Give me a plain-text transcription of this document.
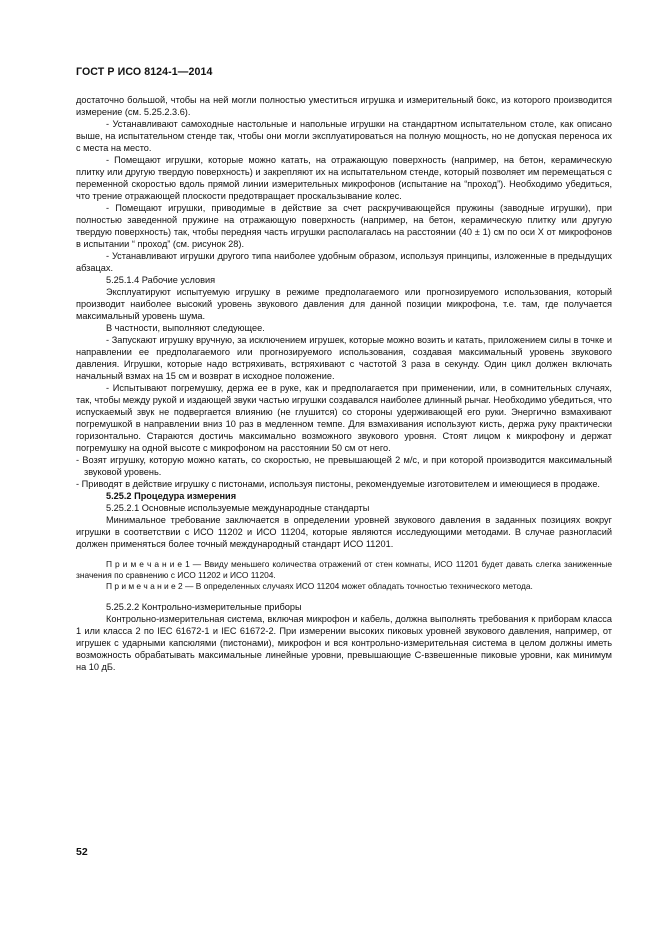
ГОСТ Р ИСО 8124-1—2014

достаточно большой, чтобы на ней могли полностью уместиться игрушка и измерительный бокс, из которого производится измерение (см. 5.25.2.3.6).

- Устанавливают самоходные настольные и напольные игрушки на стандартном испытательном столе, как описано выше, на испытательном стенде так, чтобы они могли эксплуатироваться на полную мощность, но не допуская переноса их с места на место.

- Помещают игрушки, которые можно катать, на отражающую поверхность (например, на бетон, керамическую плитку или другую твердую поверхность) и закрепляют их на испытательном стенде, который позволяет им перемещаться с переменной скоростью вдоль прямой линии измерительных микрофонов (испытание на “проход”). Необходимо убедиться, что трение отражающей плоскости предотвращает проскальзывание колес.

- Помещают игрушки, приводимые в действие за счет раскручивающейся пружины (заводные игрушки), при полностью заведенной пружине на отражающую поверхность (например, на бетон, керамическую плитку или другую твердую поверхность) так, чтобы передняя часть игрушки располагалась на расстоянии (40 ± 1) см по оси X от микрофонов в испытании “ проход” (см. рисунок 28).

- Устанавливают игрушки другого типа наиболее удобным образом, используя принципы, изложенные в предыдущих абзацах.

5.25.1.4 Рабочие условия

Эксплуатируют испытуемую игрушку в режиме предполагаемого или прогнозируемого использования, который производит наиболее высокий уровень звукового давления для данной позиции микрофона, т.е. там, где получается максимальный уровень шума.

В частности, выполняют следующее.

- Запускают игрушку вручную, за исключением игрушек, которые можно возить и катать, приложением силы в точке и направлении ее предполагаемого или прогнозируемого использования, создавая максимальный уровень звукового давления. Игрушки, которые надо встряхивать, встряхивают с частотой 3 раза в секунду. Один цикл должен включать начальный взмах на 15 см и возврат в исходное положение.

- Испытывают погремушку, держа ее в руке, как и предполагается при применении, или, в сомнительных случаях, так, чтобы между рукой и издающей звуки частью игрушки создавался наиболее длинный рычаг. Необходимо убедиться, что испускаемый звук не подвергается влиянию (не глушится) со стороны удерживающей его руки. Энергично взмахивают погремушкой в направлении вниз 10 раз в медленном темпе. Для взмахивания используют кисть, держа руку практически горизонтально. Стараются достичь максимально возможного звукового уровня. Стоят лицом к микрофону и держат погремушку на одной высоте с микрофоном на расстоянии 50 см от него.

- Возят игрушку, которую можно катать, со скоростью, не превышающей 2 м/с, и при которой производится максимальный звуковой уровень.

- Приводят в действие игрушку с пистонами, используя пистоны, рекомендуемые изготовителем и имеющиеся в продаже.

5.25.2 Процедура измерения

5.25.2.1 Основные используемые международные стандарты

Минимальное требование заключается в определении уровней звукового давления в заданных позициях вокруг игрушки в соответствии с ИСО 11202 и ИСО 11204, которые являются исследующими методами. В случае разногласий должен применяться более точный международный стандарт ИСО 11201.

П р и м е ч а н и е 1 — Ввиду меньшего количества отражений от стен комнаты, ИСО 11201 будет давать слегка заниженные значения по сравнению с ИСО 11202 и ИСО 11204.

П р и м е ч а н и е 2 — В определенных случаях ИСО 11204 может обладать точностью технического метода.

5.25.2.2 Контрольно-измерительные приборы

Контрольно-измерительная система, включая микрофон и кабель, должна выполнять требования к приборам класса 1 или класса 2 по IEC 61672-1 и IEC 61672-2. При измерении высоких пиковых уровней звукового давления, например, от игрушек с ударными капсюлями (пистонами), микрофон и вся контрольно-измерительная система в целом должны иметь возможность обрабатывать максимальные линейные уровни, превышающие C-взвешенные пиковые уровни, как минимум на 10 дБ.

52
